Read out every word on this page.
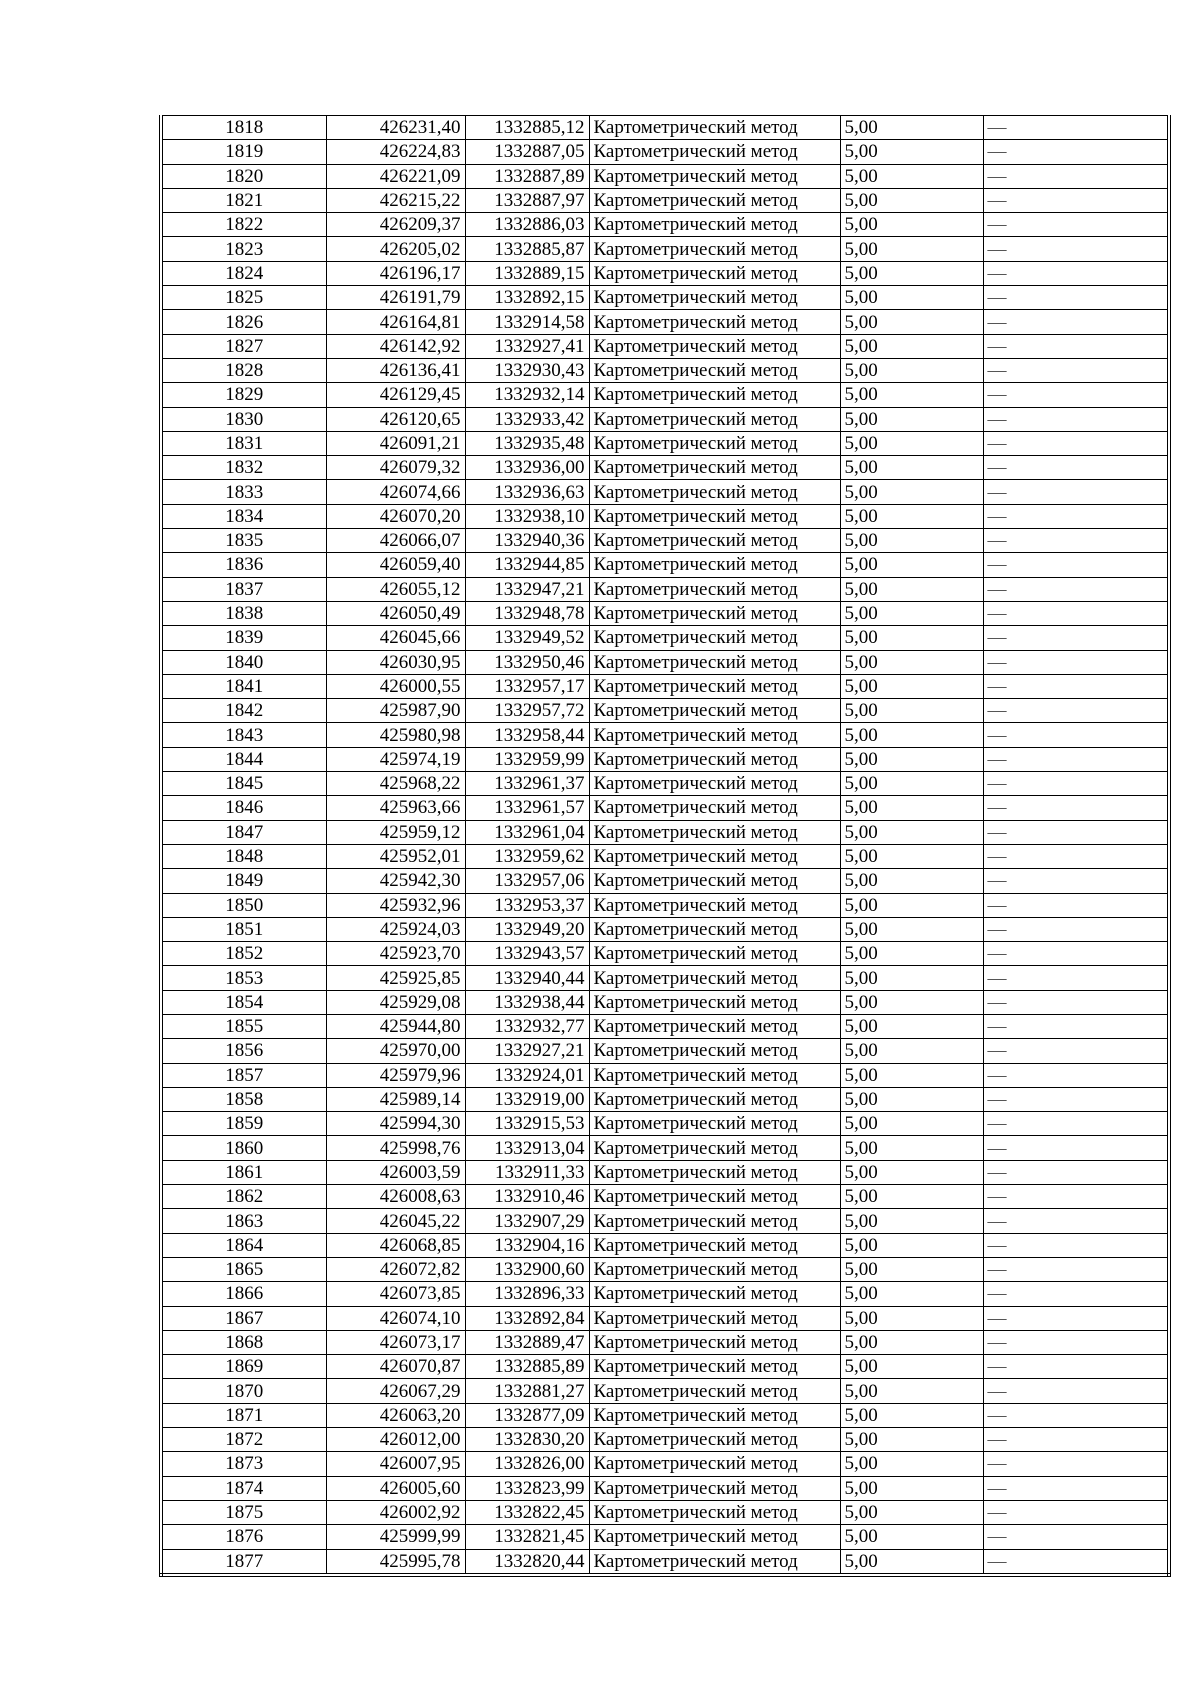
1818	426231,40	1332885,12	Картометрический метод	5,00	—
1819	426224,83	1332887,05	Картометрический метод	5,00	—
1820	426221,09	1332887,89	Картометрический метод	5,00	—
1821	426215,22	1332887,97	Картометрический метод	5,00	—
1822	426209,37	1332886,03	Картометрический метод	5,00	—
1823	426205,02	1332885,87	Картометрический метод	5,00	—
1824	426196,17	1332889,15	Картометрический метод	5,00	—
1825	426191,79	1332892,15	Картометрический метод	5,00	—
1826	426164,81	1332914,58	Картометрический метод	5,00	—
1827	426142,92	1332927,41	Картометрический метод	5,00	—
1828	426136,41	1332930,43	Картометрический метод	5,00	—
1829	426129,45	1332932,14	Картометрический метод	5,00	—
1830	426120,65	1332933,42	Картометрический метод	5,00	—
1831	426091,21	1332935,48	Картометрический метод	5,00	—
1832	426079,32	1332936,00	Картометрический метод	5,00	—
1833	426074,66	1332936,63	Картометрический метод	5,00	—
1834	426070,20	1332938,10	Картометрический метод	5,00	—
1835	426066,07	1332940,36	Картометрический метод	5,00	—
1836	426059,40	1332944,85	Картометрический метод	5,00	—
1837	426055,12	1332947,21	Картометрический метод	5,00	—
1838	426050,49	1332948,78	Картометрический метод	5,00	—
1839	426045,66	1332949,52	Картометрический метод	5,00	—
1840	426030,95	1332950,46	Картометрический метод	5,00	—
1841	426000,55	1332957,17	Картометрический метод	5,00	—
1842	425987,90	1332957,72	Картометрический метод	5,00	—
1843	425980,98	1332958,44	Картометрический метод	5,00	—
1844	425974,19	1332959,99	Картометрический метод	5,00	—
1845	425968,22	1332961,37	Картометрический метод	5,00	—
1846	425963,66	1332961,57	Картометрический метод	5,00	—
1847	425959,12	1332961,04	Картометрический метод	5,00	—
1848	425952,01	1332959,62	Картометрический метод	5,00	—
1849	425942,30	1332957,06	Картометрический метод	5,00	—
1850	425932,96	1332953,37	Картометрический метод	5,00	—
1851	425924,03	1332949,20	Картометрический метод	5,00	—
1852	425923,70	1332943,57	Картометрический метод	5,00	—
1853	425925,85	1332940,44	Картометрический метод	5,00	—
1854	425929,08	1332938,44	Картометрический метод	5,00	—
1855	425944,80	1332932,77	Картометрический метод	5,00	—
1856	425970,00	1332927,21	Картометрический метод	5,00	—
1857	425979,96	1332924,01	Картометрический метод	5,00	—
1858	425989,14	1332919,00	Картометрический метод	5,00	—
1859	425994,30	1332915,53	Картометрический метод	5,00	—
1860	425998,76	1332913,04	Картометрический метод	5,00	—
1861	426003,59	1332911,33	Картометрический метод	5,00	—
1862	426008,63	1332910,46	Картометрический метод	5,00	—
1863	426045,22	1332907,29	Картометрический метод	5,00	—
1864	426068,85	1332904,16	Картометрический метод	5,00	—
1865	426072,82	1332900,60	Картометрический метод	5,00	—
1866	426073,85	1332896,33	Картометрический метод	5,00	—
1867	426074,10	1332892,84	Картометрический метод	5,00	—
1868	426073,17	1332889,47	Картометрический метод	5,00	—
1869	426070,87	1332885,89	Картометрический метод	5,00	—
1870	426067,29	1332881,27	Картометрический метод	5,00	—
1871	426063,20	1332877,09	Картометрический метод	5,00	—
1872	426012,00	1332830,20	Картометрический метод	5,00	—
1873	426007,95	1332826,00	Картометрический метод	5,00	—
1874	426005,60	1332823,99	Картометрический метод	5,00	—
1875	426002,92	1332822,45	Картометрический метод	5,00	—
1876	425999,99	1332821,45	Картометрический метод	5,00	—
1877	425995,78	1332820,44	Картометрический метод	5,00	—
